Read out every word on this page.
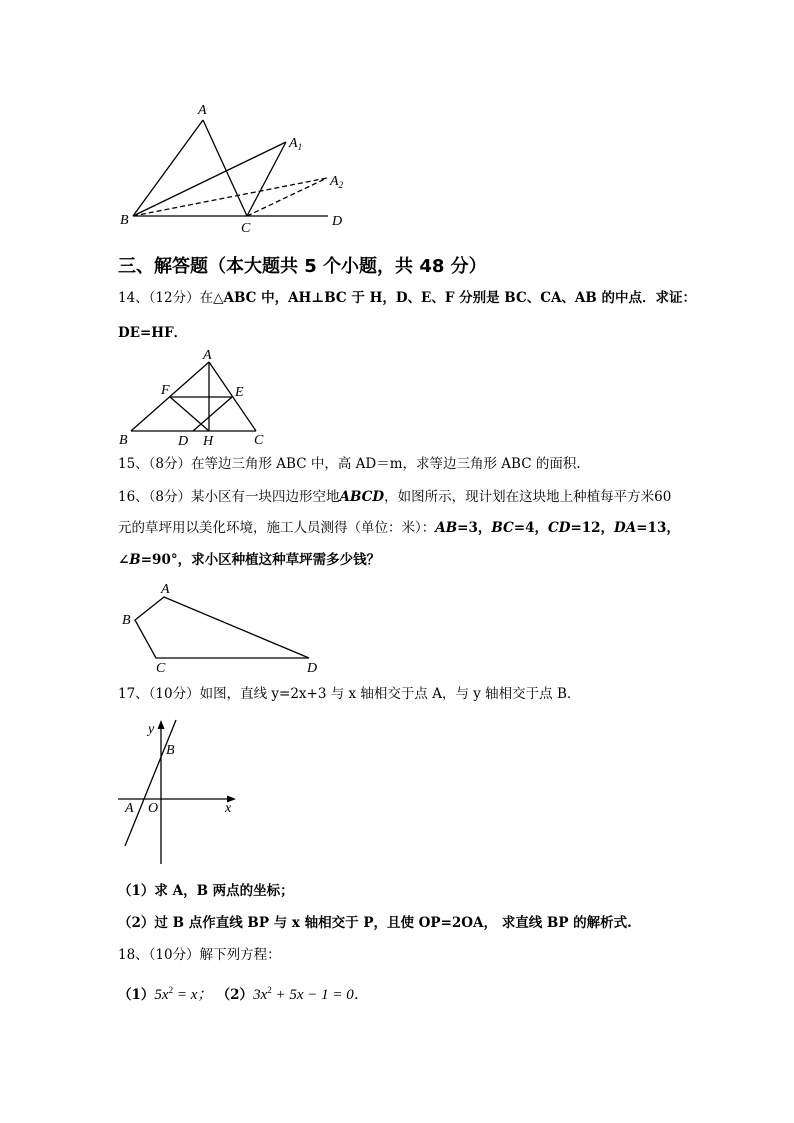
A
$A_1$
$A_2$
B
C	D
三、解答题（本大题共 5 个小题，共 48 分）
14、（12分）在△ABC 中，AH⊥BC 于 H，D、E、F 分别是 BC、CA、AB 的中点．求证：
DE=HF．
A
F	E
B	D H	C
15、（8分）在等边三角形 ABC 中，高 AD＝m，求等边三角形 ABC 的面积.
16、（8分）某小区有一块四边形空地ABCD，如图所示，现计划在这块地上种植每平方米60
元的草坪用以美化环境，施工人员测得（单位：米）：AB=3，BC=4，CD=12，DA=13，
∠B=90°，求小区种植这种草坪需多少钱？
A
B
C	D
17、（10分）如图，直线 y=2x+3 与 x 轴相交于点 A，与 y 轴相交于点 B．
y
B
A O	x
（1）求 A，B 两点的坐标；
（2）过 B 点作直线 BP 与 x 轴相交于 P，且使 OP=2OA， 求直线 BP 的解析式.
18、（10分）解下列方程：
$(1)5x^2 = x$； $(2)3x^2 + 5x - 1 = 0$．
